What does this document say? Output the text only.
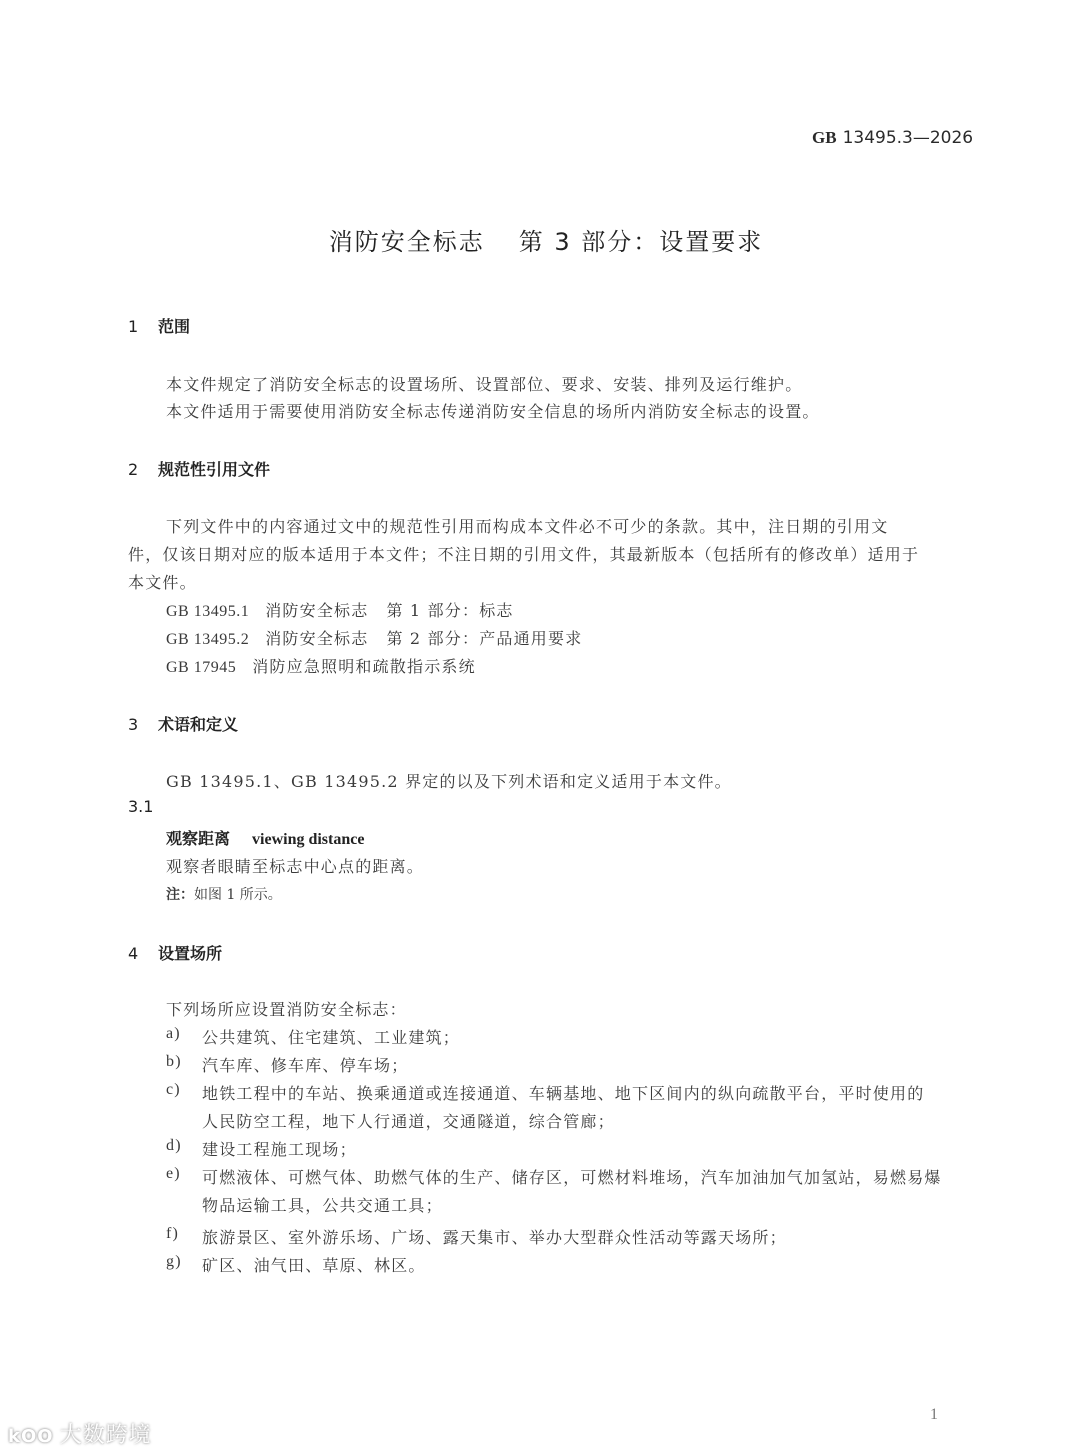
GB 13495.3—2026
消防安全标志 第 3 部分：设置要求
1 范围
本文件规定了消防安全标志的设置场所、设置部位、要求、安装、排列及运行维护。
本文件适用于需要使用消防安全标志传递消防安全信息的场所内消防安全标志的设置。
2 规范性引用文件
下列文件中的内容通过文中的规范性引用而构成本文件必不可少的条款。其中，注日期的引用文
件，仅该日期对应的版本适用于本文件；不注日期的引用文件，其最新版本（包括所有的修改单）适用于
本文件。
GB 13495.1 消防安全标志 第 1 部分：标志
GB 13495.2 消防安全标志 第 2 部分：产品通用要求
GB 17945 消防应急照明和疏散指示系统
3 术语和定义
GB 13495.1、GB 13495.2 界定的以及下列术语和定义适用于本文件。
3.1
观察距离 viewing distance
观察者眼睛至标志中心点的距离。
注：如图 1 所示。
4 设置场所
下列场所应设置消防安全标志：
a) 公共建筑、住宅建筑、工业建筑；
b) 汽车库、修车库、停车场；
c) 地铁工程中的车站、换乘通道或连接通道、车辆基地、地下区间内的纵向疏散平台，平时使用的
人民防空工程，地下人行通道，交通隧道，综合管廊；
d) 建设工程施工现场；
e) 可燃液体、可燃气体、助燃气体的生产、储存区，可燃材料堆场，汽车加油加气加氢站，易燃易爆
物品运输工具，公共交通工具；
f) 旅游景区、室外游乐场、广场、露天集市、举办大型群众性活动等露天场所；
g) 矿区、油气田、草原、林区。
1
kOO 大数跨境
